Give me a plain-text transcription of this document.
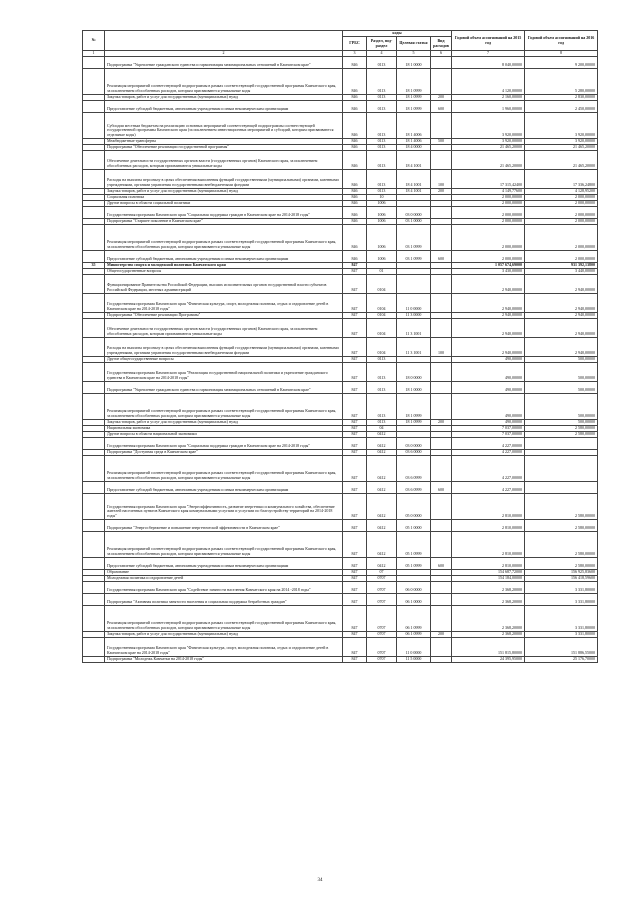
№		коды				Годовой объем ассигнований на 2015 год	Годовой объем ассигнований на 2016 год
		ГРБС	Раздел, под- раздел	Целевая статья	Вид расходов		
1	2	3	4	5	6	7	8
	Подпрограмма "Укрепление гражданского единства и гармонизация межнациональных отношений в Камчатском крае"	846	0113	18 1 0000		8 040,00000	9 200,00000
	Реализация мероприятий соответствующей подпрограммы в рамках соответствующей государственной программы Камчатского края, за исключением обособленных расходов, которым присваиваются уникальные коды	846	0113	18 1 0999		4 120,00000	5 280,00000
	Закупка товаров, работ и услуг для государственных (муниципальных) нужд	846	0113	18 1 0999	200	2 160,00000	2 830,00000
	Предоставление субсидий бюджетным, автономным учреждениям и иным некоммерческим организациям	846	0113	18 1 0999	600	1 960,00000	2 450,00000
	Субсидии местным бюджетам на реализацию основных мероприятий соответствующей подпрограммы соответствующей государственной программы Камчатского края (за исключением инвестиционных мероприятий и субсидий, которым присваиваются отдельные коды)	846	0113	18 1 4006		3 920,00000	3 920,00000
	Межбюджетные трансферты	846	0113	18 1 4006	500	3 920,00000	3 920,00000
	Подпрограмма "Обеспечение реализации государственной программы"	846	0113	18 4 0000		21 465,20000	21 465,20000
	Обеспечение деятельности государственных органов власти (государственных органов) Камчатского края, за исключением обособленных расходов, которым присваиваются уникальные коды	846	0113	18 4 1001		21 465,20000	21 465,20000
	Расходы на выплаты персоналу в целях обеспечения выполнения функций государственными (муниципальными) органами, казенными учреждениями, органами управления государственными внебюджетными фондами	846	0113	18 4 1001	100	17 315,42400	17 336,24800
	Закупка товаров, работ и услуг для государственных (муниципальных) нужд	846	0113	18 4 1001	200	4 149,77600	4 128,95200
	Социальная политика	846	10			2 000,00000	2 000,00000
	Другие вопросы в области социальной политики	846	1006			2 000,00000	2 000,00000
	Государственная программа Камчатского края "Социальная поддержка граждан в Камчатском крае на 2014-2018 годы"	846	1006	03 0 0000		2 000,00000	2 000,00000
	Подпрограмма "Старшее поколение в Камчатском крае"	846	1006	03 1 0000		2 000,00000	2 000,00000
	Реализация мероприятий соответствующей подпрограммы в рамках соответствующей государственной программы Камчатского края, за исключением обособленных расходов, которым присваиваются уникальные коды	846	1006	03 1 0999		2 000,00000	2 000,00000
	Предоставление субсидий бюджетным, автономным учреждениям и иным некоммерческим организациям	846	1006	03 1 0999	600	2 000,00000	2 000,00000
35	Министерство спорта и молодежной политики Камчатского края	847				1 057 674,69000	931 392,13800
	Общегосударственные вопросы	847	01			3 430,00000	3 440,00000
	Функционирование Правительства Российской Федерации, высших исполнительных органов государственной власти субъектов Российской Федерации, местных администраций	847	0104			2 940,00000	2 940,00000
	Государственная программа Камчатского края "Физическая культура, спорт, молодежная политика, отдых и оздоровление детей в Камчатском крае на 2014-2018 годы"	847	0104	11 0 0000		2 940,00000	2 940,00000
	Подпрограмма "Обеспечение реализации Программы"	847	0104	11 3 0000		2 940,00000	2 940,00000
	Обеспечение деятельности государственных органов власти (государственных органов) Камчатского края, за исключением обособленных расходов, которым присваиваются уникальные коды	847	0104	11 3 1001		2 940,00000	2 940,00000
	Расходы на выплаты персоналу в целях обеспечения выполнения функций государственными (муниципальными) органами, казенными учреждениями, органами управления государственными внебюджетными фондами	847	0104	11 3 1001	100	2 940,00000	2 940,00000
	Другие общегосударственные вопросы	847	0113			490,00000	500,00000
	Государственная программа Камчатского края "Реализация государственной национальной политики и укрепление гражданского единства в Камчатском крае на 2014-2018 годы"	847	0113	18 0 0000		490,00000	500,00000
	Подпрограмма "Укрепление гражданского единства и гармонизация межнациональных отношений в Камчатском крае"	847	0113	18 1 0000		490,00000	500,00000
	Реализация мероприятий соответствующей подпрограммы в рамках соответствующей государственной программы Камчатского края, за исключением обособленных расходов, которым присваиваются уникальные коды	847	0113	18 1 0999		490,00000	500,00000
	Закупка товаров, работ и услуг для государственных (муниципальных) нужд	847	0113	18 1 0999	200	490,00000	500,00000
	Национальная экономика	847	04			7 037,00000	2 580,00000
	Другие вопросы в области национальной экономики	847	0412			7 037,00000	2 580,00000
	Государственная программа Камчатского края "Социальная поддержка граждан в Камчатском крае на 2014-2018 годы"	847	0412	03 0 0000		4 227,00000	
	Подпрограмма "Доступная среда в Камчатском крае"	847	0412	03 6 0000		4 227,00000	
	Реализация мероприятий соответствующей подпрограммы в рамках соответствующей государственной программы Камчатского края, за исключением обособленных расходов, которым присваиваются уникальные коды	847	0412	03 6 0999		4 227,00000	
	Предоставление субсидий бюджетным, автономным учреждениям и иным некоммерческим организациям	847	0412	03 6 0999	600	4 227,00000	
	Государственная программа Камчатского края "Энергоэффективность, развитие энергетики и коммунального хозяйства, обеспечение жителей населенных пунктов Камчатского края коммунальными услугами и услугами по благоустройству территорий на 2014-2018 годы"	847	0412	05 0 0000		2 810,00000	2 580,00000
	Подпрограмма "Энергосбережение и повышение энергетической эффективности в Камчатском крае"	847	0412	05 1 0000		2 810,00000	2 580,00000
	Реализация мероприятий соответствующей подпрограммы в рамках соответствующей государственной программы Камчатского края, за исключением обособленных расходов, которым присваиваются уникальные коды	847	0412	05 1 0999		2 810,00000	2 580,00000
	Предоставление субсидий бюджетным, автономным учреждениям и иным некоммерческим организациям	847	0412	05 1 0999	600	2 810,00000	2 580,00000
	Образование	847	07			154 687,72000	156 925,83600
	Молодежная политика и оздоровление детей	847	0707			154 184,00000	156 418,59600
	Государственная программа Камчатского края "Содействие занятости населения Камчатского края на 2014 -2018 годы"	847	0707	06 0 0000		2 368,20000	3 331,80000
	Подпрограмма "Активная политика занятости населения и социальная поддержка безработных граждан"	847	0707	06 1 0000		2 368,20000	3 331,80000
	Реализация мероприятий соответствующей подпрограммы в рамках соответствующей государственной программы Камчатского края, за исключением обособленных расходов, которым присваиваются уникальные коды	847	0707	06 1 0999		2 368,20000	3 331,80000
	Закупка товаров, работ и услуг для государственных (муниципальных) нужд	847	0707	06 1 0999	200	2 368,20000	3 331,80000
	Государственная программа Камчатского края "Физическая культура, спорт, молодежная политика, отдых и оздоровление детей в Камчатском крае на 2014-2018 годы"	847	0707	11 0 0000		151 815,80000	151 886,55000
	Подпрограмма "Молодежь Камчатки на 2014-2018 годы"	847	0707	11 5 0000		24 395,95000	25 176,70000
34
